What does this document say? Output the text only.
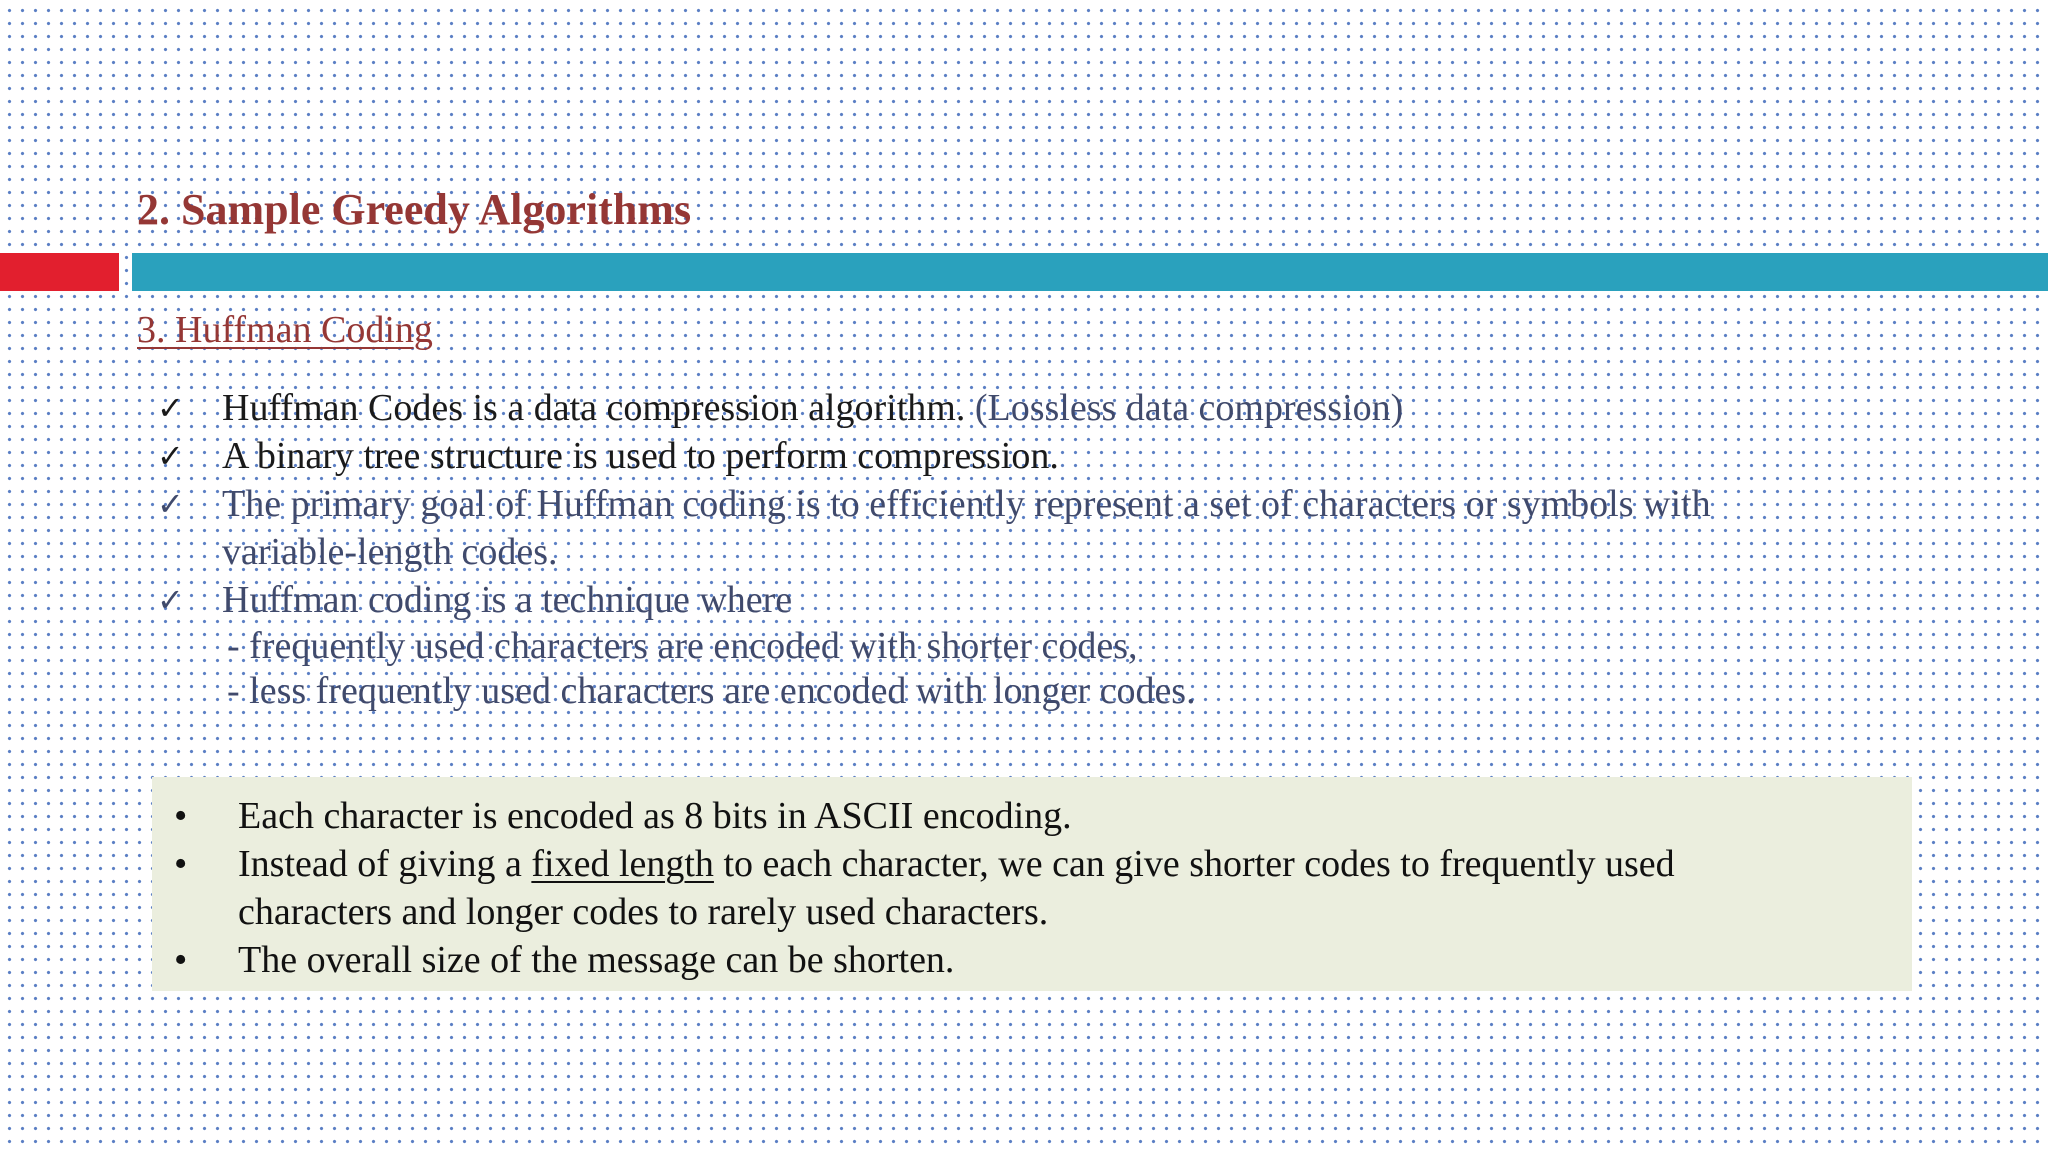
2. Sample Greedy Algorithms
3. Huffman Coding
✓ Huffman Codes is a data compression algorithm. (Lossless data compression)
✓ A binary tree structure is used to perform compression.
✓ The primary goal of Huffman coding is to efficiently represent a set of characters or symbols with
variable-length codes.
✓ Huffman coding is a technique where
- frequently used characters are encoded with shorter codes,
- less frequently used characters are encoded with longer codes.
• Each character is encoded as 8 bits in ASCII encoding.
• Instead of giving a fixed length to each character, we can give shorter codes to frequently used
characters and longer codes to rarely used characters.
• The overall size of the message can be shorten.
